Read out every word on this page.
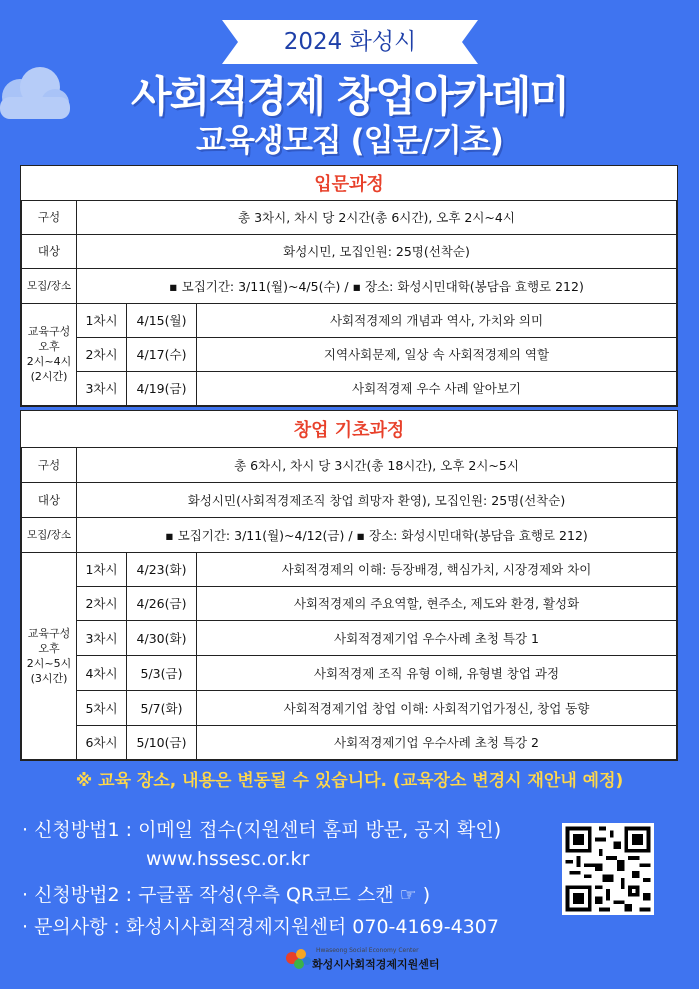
2024 화성시
사회적경제 창업아카데미
교육생모집 (입문/기초)
입문과정			
구성	총 3차시, 차시 당 2시간(총 6시간), 오후 2시~4시		
대상	화성시민, 모집인원: 25명(선착순)		
모집/장소	▪ 모집기간: 3/11(월)~4/5(수) / ▪ 장소: 화성시민대학(봉담읍 효행로 212)		

교육구성
오후
2시~4시
(2시간)	1차시	4/15(월)	사회적경제의 개념과 역사, 가치와 의미
	2차시	4/17(수)	지역사회문제, 일상 속 사회적경제의 역할
	3차시	4/19(금)	사회적경제 우수 사례 알아보기
창업 기초과정			
구성	총 6차시, 차시 당 3시간(총 18시간), 오후 2시~5시		
대상	화성시민(사회적경제조직 창업 희망자 환영), 모집인원: 25명(선착순)		
모집/장소	▪ 모집기간: 3/11(월)~4/12(금) / ▪ 장소: 화성시민대학(봉담읍 효행로 212)		

교육구성
오후
2시~5시
(3시간)	1차시	4/23(화)	사회적경제의 이해: 등장배경, 핵심가치, 시장경제와 차이
	2차시	4/26(금)	사회적경제의 주요역할, 현주소, 제도와 환경, 활성화
	3차시	4/30(화)	사회적경제기업 우수사례 초청 특강 1
	4차시	5/3(금)	사회적경제 조직 유형 이해, 유형별 창업 과정
	5차시	5/7(화)	사회적경제기업 창업 이해: 사회적기업가정신, 창업 동향
	6차시	5/10(금)	사회적경제기업 우수사례 초청 특강 2
※ 교육 장소, 내용은 변동될 수 있습니다. (교육장소 변경시 재안내 예정)
· 신청방법1 : 이메일 접수(지원센터 홈피 방문, 공지 확인)
www.hssesc.or.kr
· 신청방법2 : 구글폼 작성(우측 QR코드 스캔 ☞ )
· 문의사항 : 화성시사회적경제지원센터 070-4169-4307
Hwaseong Social Economy Center
화성시사회적경제지원센터
